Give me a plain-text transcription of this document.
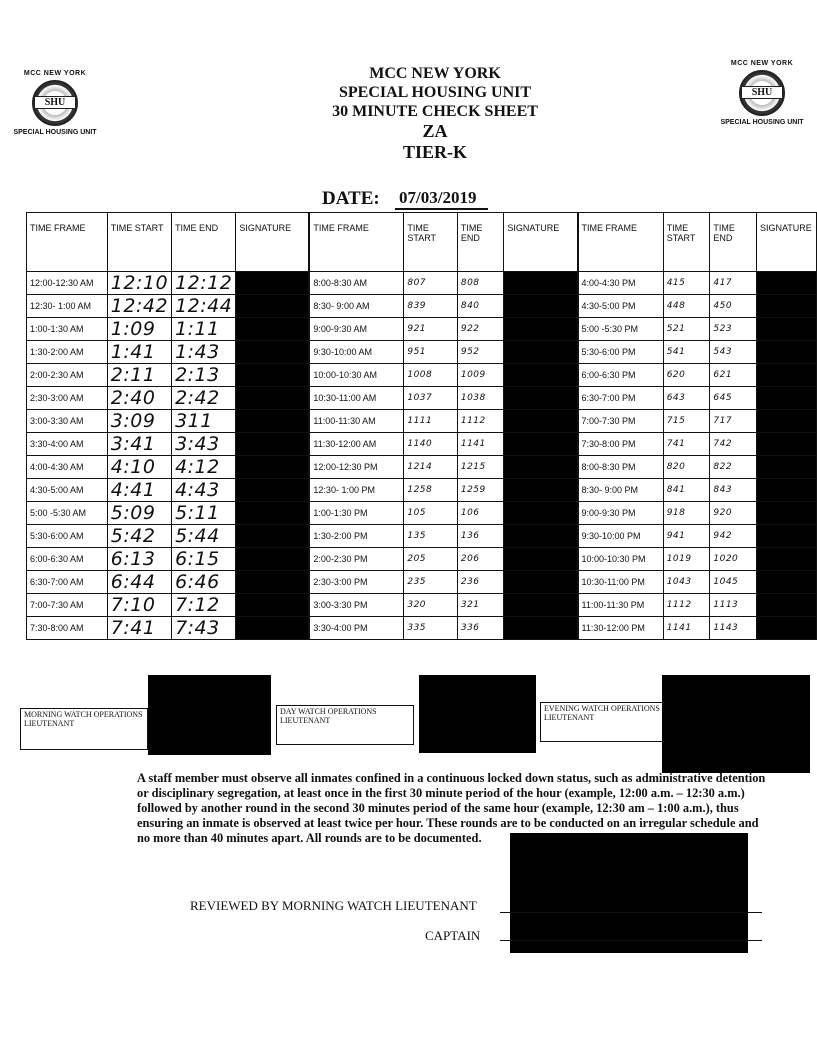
MCC NEW YORK
SHU
SPECIAL HOUSING UNIT
MCC NEW YORK
SHU
SPECIAL HOUSING UNIT
MCC NEW YORK
SPECIAL HOUSING UNIT
30 MINUTE CHECK SHEET
ZA
TIER-K
DATE: 07/03/2019
TIME FRAME	TIME START	TIME END	SIGNATURE	TIME FRAME	TIME START	TIME END	SIGNATURE	TIME FRAME	TIME START	TIME END	SIGNATURE
12:00-12:30 AM	12:10	12:12		8:00-8:30 AM	807	808		4:00-4:30 PM	415	417	
12:30- 1:00 AM	12:42	12:44		8:30- 9:00 AM	839	840		4:30-5:00 PM	448	450	
1:00-1:30 AM	1:09	1:11		9:00-9:30 AM	921	922		5:00 -5:30 PM	521	523	
1:30-2:00 AM	1:41	1:43		9:30-10:00 AM	951	952		5:30-6:00 PM	541	543	
2:00-2:30 AM	2:11	2:13		10:00-10:30 AM	1008	1009		6:00-6:30 PM	620	621	
2:30-3:00 AM	2:40	2:42		10:30-11:00 AM	1037	1038		6:30-7:00 PM	643	645	
3:00-3:30 AM	3:09	311		11:00-11:30 AM	1111	1112		7:00-7:30 PM	715	717	
3:30-4:00 AM	3:41	3:43		11:30-12:00 AM	1140	1141		7:30-8:00 PM	741	742	
4:00-4:30 AM	4:10	4:12		12:00-12:30 PM	1214	1215		8:00-8:30 PM	820	822	
4:30-5:00 AM	4:41	4:43		12:30- 1:00 PM	1258	1259		8:30- 9:00 PM	841	843	
5:00 -5:30 AM	5:09	5:11		1:00-1:30 PM	105	106		9:00-9:30 PM	918	920	
5:30-6:00 AM	5:42	5:44		1:30-2:00 PM	135	136		9:30-10:00 PM	941	942	
6:00-6:30 AM	6:13	6:15		2:00-2:30 PM	205	206		10:00-10:30 PM	1019	1020	
6:30-7:00 AM	6:44	6:46		2:30-3:00 PM	235	236		10:30-11:00 PM	1043	1045	
7:00-7:30 AM	7:10	7:12		3:00-3:30 PM	320	321		11:00-11:30 PM	1112	1113	
7:30-8:00 AM	7:41	7:43		3:30-4:00 PM	335	336		11:30-12:00 PM	1141	1143	
MORNING WATCH OPERATIONS LIEUTENANT
DAY WATCH OPERATIONS LIEUTENANT
EVENING WATCH OPERATIONS LIEUTENANT
A staff member must observe all inmates confined in a continuous locked down status, such as administrative detention or disciplinary segregation, at least once in the first 30 minute period of the hour (example, 12:00 a.m. – 12:30 a.m.) followed by another round in the second 30 minutes period of the same hour (example, 12:30 am – 1:00 a.m.), thus ensuring an inmate is observed at least twice per hour. These rounds are to be conducted on an irregular schedule and no more than 40 minutes apart. All rounds are to be documented.
REVIEWED BY MORNING WATCH LIEUTENANT
CAPTAIN
